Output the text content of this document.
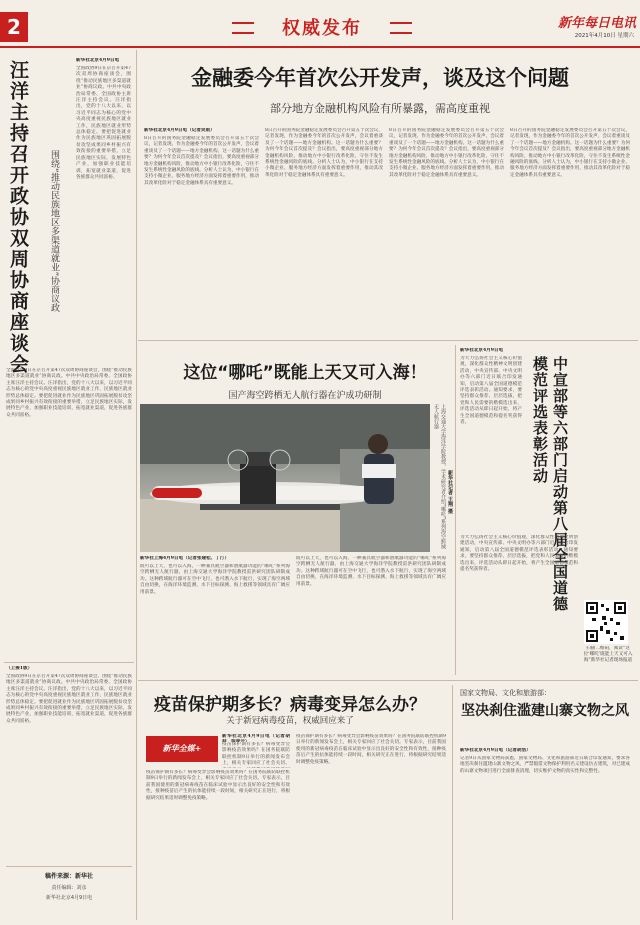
2	权威发布	新年每日电讯
2021年4月10日 星期六
汪洋主持召开政协双周协商座谈会 围绕“推动民族地区多渠道就业”协商议政
新华社北京4月9日电
全国政协9日在京召开第47次双周协商座谈会，围绕“推动民族地区多渠道就业”协商议政。中共中央政治局常委、全国政协主席汪洋主持会议。汪洋指出，党的十八大以来，以习近平同志为核心的党中央高度重视民族地区就业工作，民族地区就业形势总体稳定。要把促进就业作为民族地区巩固拓展脱贫攻坚成果同乡村振兴有效衔接的重要举措，立足民族地区实际，发展特色产业，加强职业技能培训，拓宽就业渠道，促进各族群众共同富裕。
全国政协9日在京召开第47次双周协商座谈会，围绕“推动民族地区多渠道就业”协商议政。中共中央政治局常委、全国政协主席汪洋主持会议。汪洋指出，党的十八大以来，以习近平同志为核心的党中央高度重视民族地区就业工作，民族地区就业形势总体稳定。要把促进就业作为民族地区巩固拓展脱贫攻坚成果同乡村振兴有效衔接的重要举措，立足民族地区实际，发展特色产业，加强职业技能培训，拓宽就业渠道，促进各族群众共同富裕。
金融委今年首次公开发声，谈及这个问题
部分地方金融机构风险有所暴露，需高度重视
新华社北京4月9日电（记者吴雨）
8日召开的国务院金融稳定发展委员会召开第五十次会议，记者发现，作为金融委今年的首次公开发声，会议着重谈及了一个话题——地方金融机构。这一话题为什么重要？为何今年会议首次提及？会议指出，要高度重视部分地方金融机构风险，推动地方中小银行改革化险，守住不发生系统性金融风险的底线。分析人士认为，中小银行在支持小微企业、服务地方经济方面发挥着重要作用，推动其改革化险对于稳定金融体系具有重要意义。
8日召开的国务院金融稳定发展委员会召开第五十次会议，记者发现，作为金融委今年的首次公开发声，会议着重谈及了一个话题——地方金融机构。这一话题为什么重要？为何今年会议首次提及？会议指出，要高度重视部分地方金融机构风险，推动地方中小银行改革化险，守住不发生系统性金融风险的底线。分析人士认为，中小银行在支持小微企业、服务地方经济方面发挥着重要作用，推动其改革化险对于稳定金融体系具有重要意义。
8日召开的国务院金融稳定发展委员会召开第五十次会议，记者发现，作为金融委今年的首次公开发声，会议着重谈及了一个话题——地方金融机构。这一话题为什么重要？为何今年会议首次提及？会议指出，要高度重视部分地方金融机构风险，推动地方中小银行改革化险，守住不发生系统性金融风险的底线。分析人士认为，中小银行在支持小微企业、服务地方经济方面发挥着重要作用，推动其改革化险对于稳定金融体系具有重要意义。
8日召开的国务院金融稳定发展委员会召开第五十次会议，记者发现，作为金融委今年的首次公开发声，会议着重谈及了一个话题——地方金融机构。这一话题为什么重要？为何今年会议首次提及？会议指出，要高度重视部分地方金融机构风险，推动地方中小银行改革化险，守住不发生系统性金融风险的底线。分析人士认为，中小银行在支持小微企业、服务地方经济方面发挥着重要作用，推动其改革化险对于稳定金融体系具有重要意义。
这位“哪吒”既能上天又可入海！
国产海空跨栖无人航行器在沪成功研制
上海交通大学海洋学院教授，学术研究者介绍“哪吒”系列海空跨域无人航行器
新华社记者 王翔 摄
新华社上海4月9日电（记者张建松、丁汀）
既可以上天，也可以入海，一种兼具航空器和潜航器功能的“哪吒”系列海空跨栖无人航行器，由上海交通大学海洋学院教授雷洪研究团队研制成功。这种跨域航行器可在空中飞行，也可潜入水下航行，实现了海空两域自由切换，在海洋环境监测、水下目标探测、海上救援等领域具有广阔应用前景。
既可以上天，也可以入海，一种兼具航空器和潜航器功能的“哪吒”系列海空跨栖无人航行器，由上海交通大学海洋学院教授雷洪研究团队研制成功。这种跨域航行器可在空中飞行，也可潜入水下航行，实现了海空两域自由切换，在海洋环境监测、水下目标探测、海上救援等领域具有广阔应用前景。
新华社北京4月9日电
为大力弘扬社会主义核心价值观，深化群众性精神文明创建活动，中央宣传部、中央文明办等六部门近日联合印发通知，启动第八届全国道德模范评选表彰活动。通知要求，要坚持群众推荐、层层选拔，把党和人民需要的楷模选出来，评选活动从即日起开始，将产生全国道德模范和提名奖获得者。	中宣部等六部门启动第八届全国道德模范评选表彰活动
为大力弘扬社会主义核心价值观，深化群众性精神文明创建活动，中央宣传部、中央文明办等六部门近日联合印发通知，启动第八届全国道德模范评选表彰活动。通知要求，要坚持群众推荐、层层选拔，把党和人民需要的楷模选出来，评选活动从即日起开始，将产生全国道德模范和提名奖获得者。
扫描二维码，阅读“这位‘哪吒’既能上天又可入海”新华社记者现场报道
疫苗保护期多长？病毒变异怎么办？
关于新冠病毒疫苗，权威回应来了
新华全媒+
新华社北京4月9日电（记者胡
疫苗保护期有多长？病毒变异会影响疫苗效果吗？在国务院联防联控机制9日举行的新闻发布会上，相关专家回应了社会关切。
疫苗保护期有多长？病毒变异会影响疫苗效果吗？在国务院联防联控机制9日举行的新闻发布会上，相关专家回应了社会关切。专家表示，目前我国使用的新冠病毒疫苗在临床试验中显示出良好的安全性和有效性，接种疫苗后产生的抗体能持续一段时间，相关研究正在进行，将根据研究结果适时调整免疫策略。
疫苗保护期有多长？病毒变异会影响疫苗效果吗？在国务院联防联控机制9日举行的新闻发布会上，相关专家回应了社会关切。专家表示，目前我国使用的新冠病毒疫苗在临床试验中显示出良好的安全性和有效性，接种疫苗后产生的抗体能持续一段时间，相关研究正在进行，将根据研究结果适时调整免疫策略。
国家文物局、文化和旅游部：
坚决刹住滥建山寨文物之风
新华社北京4月9日电（记者胡浩）
记者9日从国家文物局获悉，国家文物局、文化和旅游部近日联合印发通知，要求各地坚决刹住滥建山寨文物之风，严禁假借文物保护利用名义建设仿古建筑，对已建成的山寨文物项目进行全面排查清理，切实维护文物的真实性和完整性。
（上接1版）
全国政协9日在京召开第47次双周协商座谈会，围绕“推动民族地区多渠道就业”协商议政。中共中央政治局常委、全国政协主席汪洋主持会议。汪洋指出，党的十八大以来，以习近平同志为核心的党中央高度重视民族地区就业工作，民族地区就业形势总体稳定。要把促进就业作为民族地区巩固拓展脱贫攻坚成果同乡村振兴有效衔接的重要举措，立足民族地区实际，发展特色产业，加强职业技能培训，拓宽就业渠道，促进各族群众共同富裕。
稿件来源：新华社
责任编辑：刘彦
新华社北京4月9日电
